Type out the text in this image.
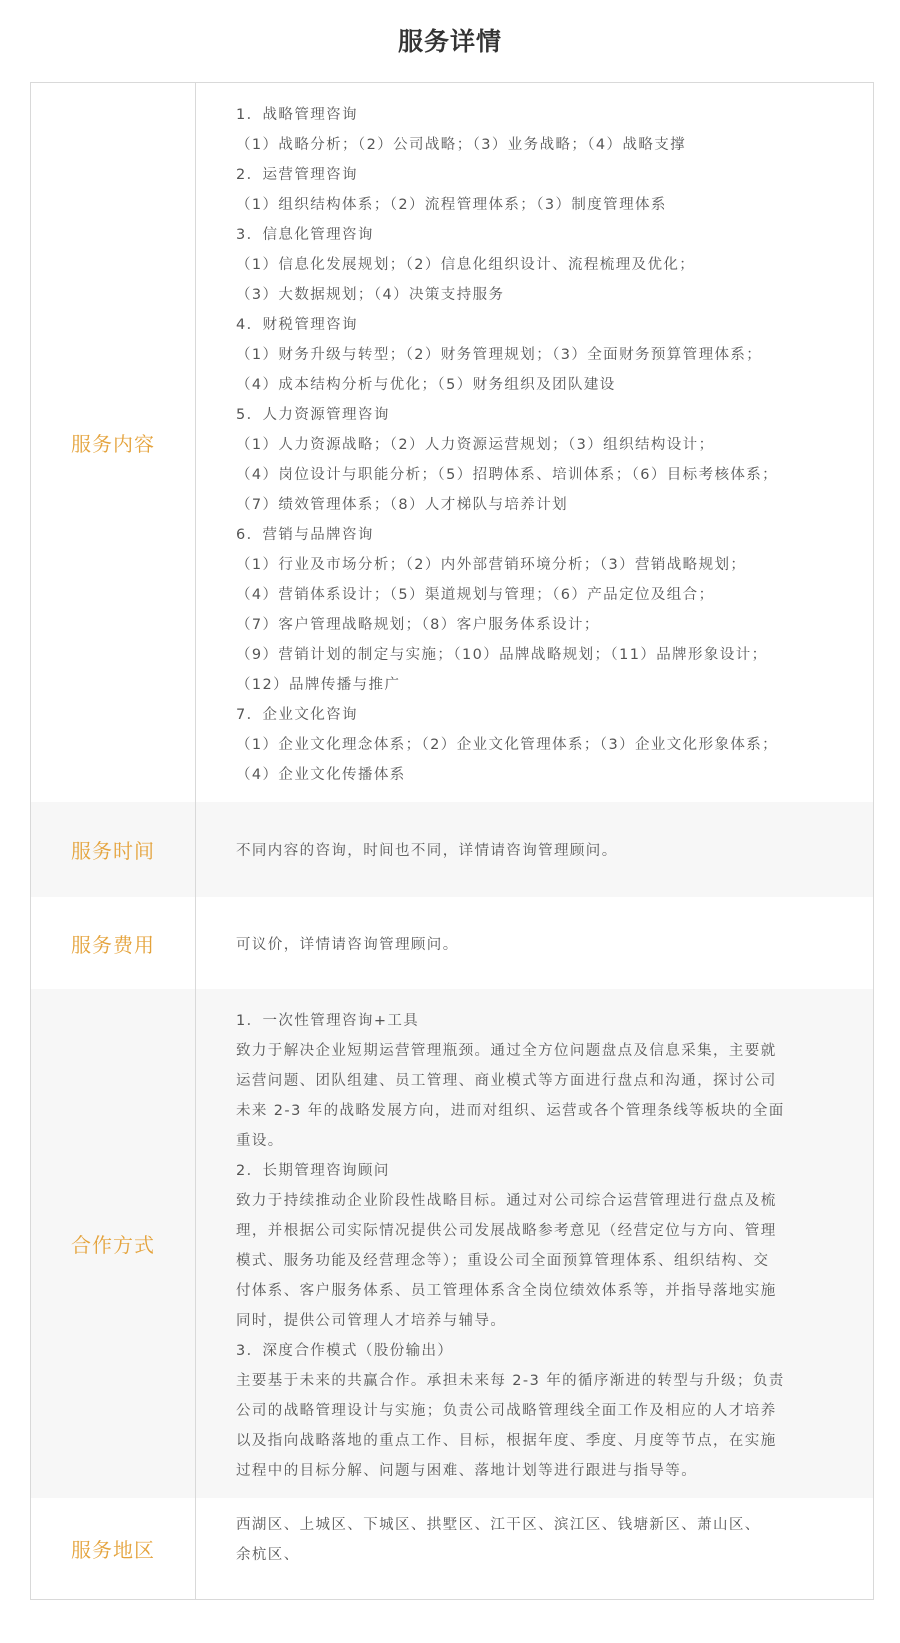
服务详情
服务内容
1．战略管理咨询
（1）战略分析；（2）公司战略；（3）业务战略；（4）战略支撑
2．运营管理咨询
（1）组织结构体系；（2）流程管理体系；（3）制度管理体系
3．信息化管理咨询
（1）信息化发展规划；（2）信息化组织设计、流程梳理及优化；
（3）大数据规划；（4）决策支持服务
4．财税管理咨询
（1）财务升级与转型；（2）财务管理规划；（3）全面财务预算管理体系；
（4）成本结构分析与优化；（5）财务组织及团队建设
5．人力资源管理咨询
（1）人力资源战略；（2）人力资源运营规划；（3）组织结构设计；
（4）岗位设计与职能分析；（5）招聘体系、培训体系；（6）目标考核体系；
（7）绩效管理体系；（8）人才梯队与培养计划
6．营销与品牌咨询
（1）行业及市场分析；（2）内外部营销环境分析；（3）营销战略规划；
（4）营销体系设计；（5）渠道规划与管理；（6）产品定位及组合；
（7）客户管理战略规划；（8）客户服务体系设计；
（9）营销计划的制定与实施；（10）品牌战略规划；（11）品牌形象设计；
（12）品牌传播与推广
7．企业文化咨询
（1）企业文化理念体系；（2）企业文化管理体系；（3）企业文化形象体系；
（4）企业文化传播体系
服务时间	不同内容的咨询，时间也不同，详情请咨询管理顾问。
服务费用	可议价，详情请咨询管理顾问。
合作方式
1．一次性管理咨询+工具
致力于解决企业短期运营管理瓶颈。通过全方位问题盘点及信息采集，主要就
运营问题、团队组建、员工管理、商业模式等方面进行盘点和沟通，探讨公司
未来 2-3 年的战略发展方向，进而对组织、运营或各个管理条线等板块的全面
重设。
2．长期管理咨询顾问
致力于持续推动企业阶段性战略目标。通过对公司综合运营管理进行盘点及梳
理，并根据公司实际情况提供公司发展战略参考意见（经营定位与方向、管理
模式、服务功能及经营理念等）；重设公司全面预算管理体系、组织结构、交
付体系、客户服务体系、员工管理体系含全岗位绩效体系等，并指导落地实施
同时，提供公司管理人才培养与辅导。
3．深度合作模式（股份输出）
主要基于未来的共赢合作。承担未来每 2-3 年的循序渐进的转型与升级；负责
公司的战略管理设计与实施；负责公司战略管理线全面工作及相应的人才培养
以及指向战略落地的重点工作、目标，根据年度、季度、月度等节点，在实施
过程中的目标分解、问题与困难、落地计划等进行跟进与指导等。
服务地区
西湖区、上城区、下城区、拱墅区、江干区、滨江区、钱塘新区、萧山区、
余杭区、
